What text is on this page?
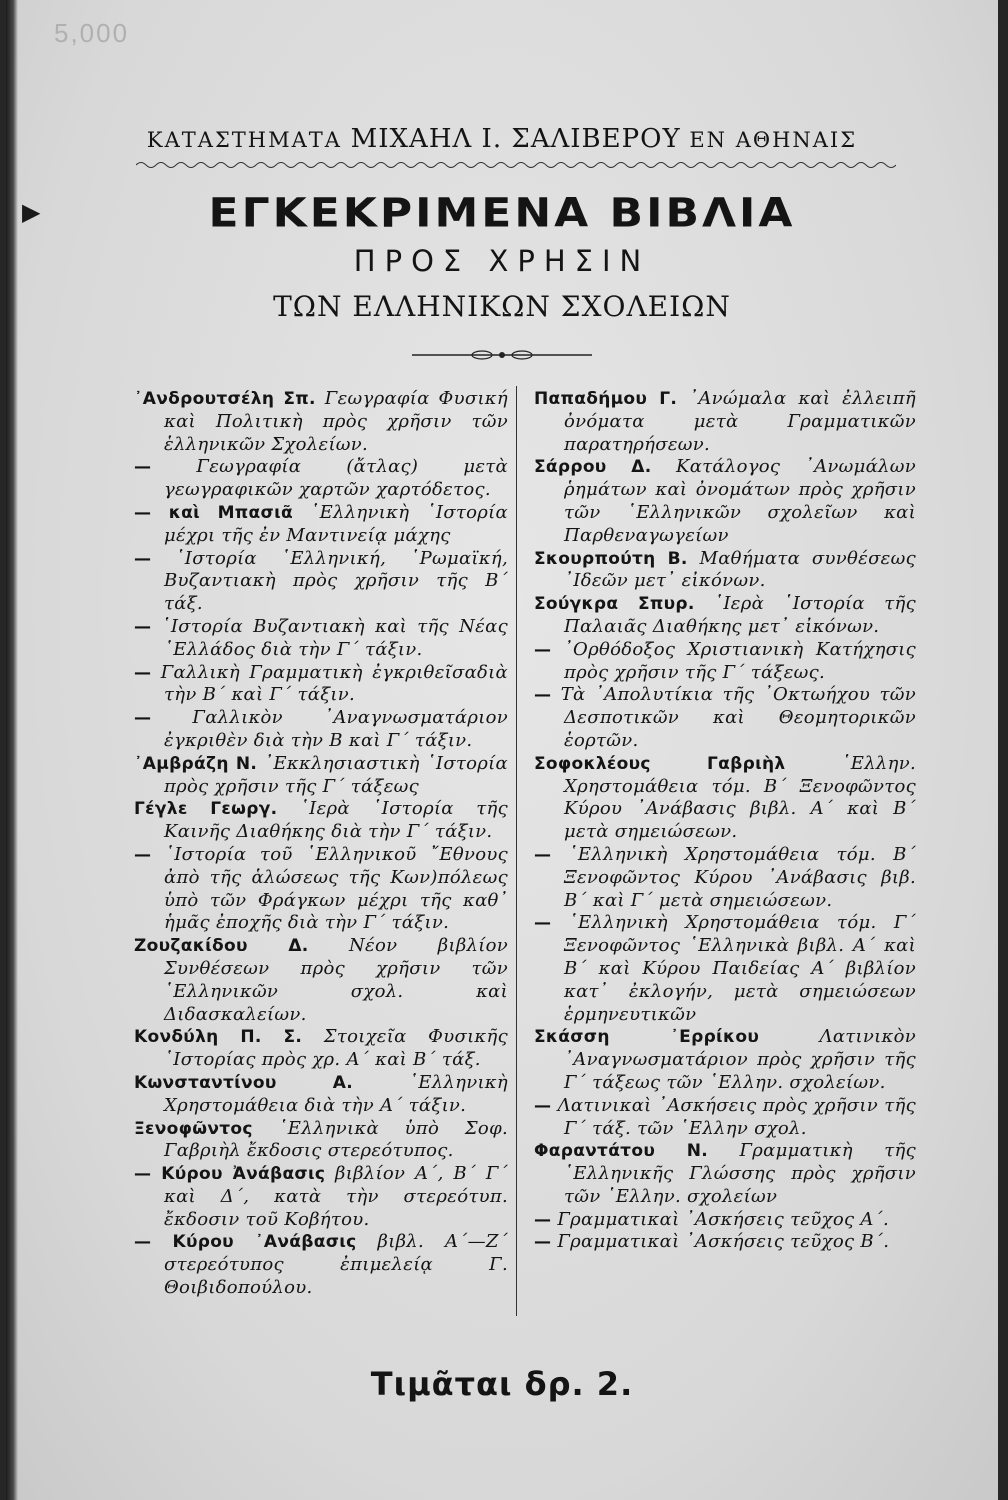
5,000
▶
ΚΑΤΑΣΤΗΜΑΤΑ ΜΙΧΑΗΛ Ι. ΣΑΛΙΒΕΡΟΥ ΕΝ ΑΘΗΝΑΙΣ
ΕΓΚΕΚΡΙΜΕΝΑ ΒΙΒΛΙΑ
ΠΡΟΣ ΧΡΗΣΙΝ
ΤΩΝ ΕΛΛΗΝΙΚΩΝ ΣΧΟΛΕΙΩΝ
᾿Ανδρουτσέλη Σπ. Γεωγραφία Φυσική καὶ Πολιτικὴ πρὸς χρῆσιν τῶν ἑλληνικῶν Σχολείων.
—	Γεωγραφία (ἄτλας) μετὰ γεωγραφικῶν χαρτῶν χαρτόδετος.
— καὶ Μπασιᾶ ῾Ελληνικὴ ῾Ιστορία μέχρι τῆς ἐν Μαντινείᾳ μάχης
— ῾Ιστορία ῾Ελληνική, ῾Ρωμαϊκή, Βυζαντιακὴ πρὸς χρῆσιν τῆς Β΄ τάξ.
— ῾Ιστορία Βυζαντιακὴ καὶ τῆς Νέας ῾Ελλάδος διὰ τὴν Γ΄ τάξιν.
— Γαλλικὴ Γραμματικὴ ἐγκριθεῖσαδιὰ τὴν Β΄ καὶ Γ΄ τάξιν.
— Γαλλικὸν ᾿Αναγνωσματάριον ἐγκριθὲν διὰ τὴν Β καὶ Γ΄ τάξιν.
᾿Αμβράζη Ν. ᾿Εκκλησιαστικὴ ῾Ιστορία πρὸς χρῆσιν τῆς Γ΄ τάξεως
Γέγλε Γεωργ. ῾Ιερὰ ῾Ιστορία τῆς Καινῆς Διαθήκης διὰ τὴν Γ΄ τάξιν.
— ῾Ιστορία τοῦ ῾Ελληνικοῦ ῎Εθνους ἀπὸ τῆς ἁλώσεως τῆς Κων)πόλεως ὑπὸ τῶν Φράγκων μέχρι τῆς καθ᾿ ἡμᾶς ἐποχῆς διὰ τὴν Γ΄ τάξιν.
Ζουζακίδου Δ. Νέον βιβλίον Συνθέσεων πρὸς χρῆσιν τῶν ῾Ελληνικῶν σχολ. καὶ Διδασκαλείων.
Κονδύλη Π. Σ. Στοιχεῖα Φυσικῆς ῾Ιστορίας πρὸς χρ. Α΄ καὶ Β΄ τάξ.
Κωνσταντίνου Α.	῾Ελληνικὴ Χρηστομάθεια διὰ τὴν Α΄ τάξιν.
Ξενοφῶντος ῾Ελληνικὰ ὑπὸ Σοφ. Γαβριὴλ ἔκδοσις στερεότυπος.
— Κύρου Ἀνάβασις βιβλίον Α΄, Β΄ Γ΄ καὶ Δ΄, κατὰ τὴν στερεότυπ. ἔκδοσιν τοῦ Κοβήτου.
— Κύρου ᾿Ανάβασις βιβλ. Α΄—Ζ΄ στερεότυπος ἐπιμελείᾳ Γ. Θοιβιδοπούλου.
Παπαδήμου Γ. ᾿Ανώμαλα καὶ ἐλλειπῆ ὀνόματα μετὰ Γραμματικῶν παρατηρήσεων.
Σάρρου Δ. Κατάλογος ᾿Ανωμάλων ῥημάτων καὶ ὀνομάτων πρὸς χρῆσιν τῶν ῾Ελληνικῶν σχολεῖων καὶ Παρθεναγωγείων
Σκουρπούτη Β. Μαθήματα συνθέσεως ᾿Ιδεῶν μετ᾿ εἰκόνων.
Σούγκρα Σπυρ. ῾Ιερὰ ῾Ιστορία τῆς Παλαιᾶς Διαθήκης μετ᾿ εἰκόνων.
— ᾿Ορθόδοξος Χριστιανικὴ Κατήχησις πρὸς χρῆσιν τῆς Γ΄ τάξεως.
— Τὰ ᾿Απολυτίκια τῆς ᾿Οκτωήχου τῶν Δεσποτικῶν καὶ Θεομητορικῶν ἑορτῶν.
Σοφοκλέους Γαβριὴλ	῾Ελλην. Χρηστομάθεια τόμ. Β΄ Ξενοφῶντος Κύρου ᾿Ανάβασις βιβλ. Α΄ καὶ Β΄ μετὰ σημειώσεων.
— ῾Ελληνικὴ Χρηστομάθεια τόμ. Β΄ Ξενοφῶντος Κύρου ᾿Ανάβασις βιβ. Β΄ καὶ Γ΄ μετὰ σημειώσεων.
— ῾Ελληνικὴ Χρηστομάθεια τόμ. Γ΄ Ξενοφῶντος ῾Ελληνικὰ βιβλ. Α΄ καὶ Β΄ καὶ Κύρου Παιδείας Α΄ βιβλίον κατ᾿ ἐκλογήν, μετὰ σημειώσεων ἑρμηνευτικῶν
Σκάσση ᾿Ερρίκου	Λατινικὸν ᾿Αναγνωσματάριον πρὸς χρῆσιν τῆς Γ΄ τάξεως τῶν ῾Ελλην. σχολείων.
— Λατινικαὶ ᾿Ασκήσεις πρὸς χρῆσιν τῆς Γ΄ τάξ. τῶν ῾Ελλην σχολ.
Φαραντάτου Ν. Γραμματικὴ τῆς ῾Ελληνικῆς Γλώσσης πρὸς χρῆσιν τῶν ῾Ελλην. σχολείων
— Γραμματικαὶ ᾿Ασκήσεις τεῦχος Α΄.
— Γραμματικαὶ ᾿Ασκήσεις τεῦχος Β΄.
Τιμᾶται δρ. 2.
